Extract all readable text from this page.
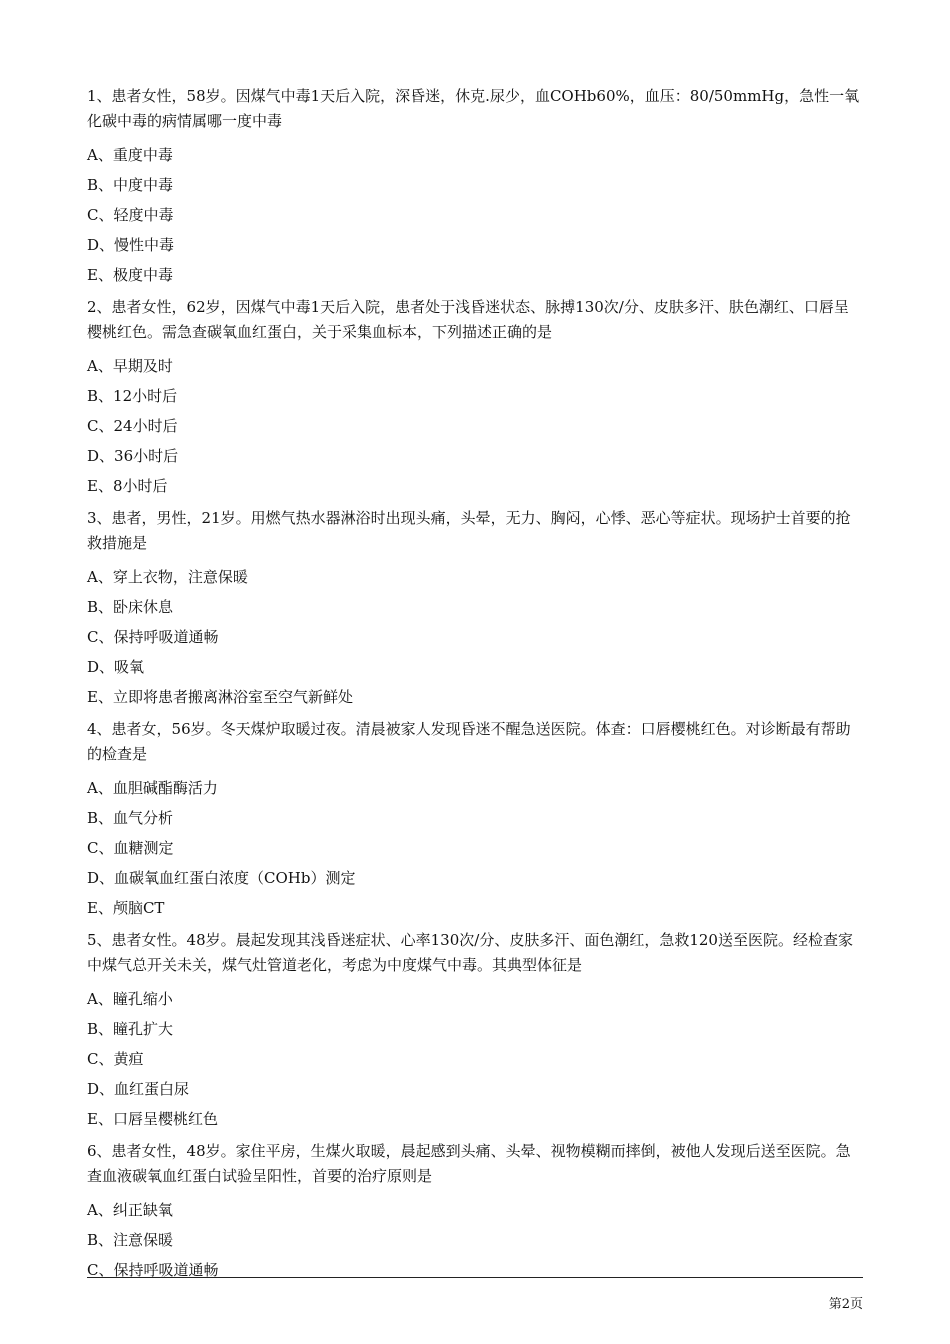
1、患者女性，58岁。因煤气中毒1天后入院，深昏迷，休克.尿少，血COHb60%，血压：80/50mmHg，急性一氧化碳中毒的病情属哪一度中毒

A、重度中毒

B、中度中毒

C、轻度中毒

D、慢性中毒

E、极度中毒

2、患者女性，62岁，因煤气中毒1天后入院，患者处于浅昏迷状态、脉搏130次/分、皮肤多汗、肤色潮红、口唇呈樱桃红色。需急查碳氧血红蛋白，关于采集血标本，下列描述正确的是

A、早期及时

B、12小时后

C、24小时后

D、36小时后

E、8小时后

3、患者，男性，21岁。用燃气热水器淋浴时出现头痛，头晕，无力、胸闷，心悸、恶心等症状。现场护士首要的抢救措施是

A、穿上衣物，注意保暖

B、卧床休息

C、保持呼吸道通畅

D、吸氧

E、立即将患者搬离淋浴室至空气新鲜处

4、患者女，56岁。冬天煤炉取暖过夜。清晨被家人发现昏迷不醒急送医院。体查：口唇樱桃红色。对诊断最有帮助的检查是

A、血胆碱酯酶活力

B、血气分析

C、血糖测定

D、血碳氧血红蛋白浓度（COHb）测定

E、颅脑CT

5、患者女性。48岁。晨起发现其浅昏迷症状、心率130次/分、皮肤多汗、面色潮红，急救120送至医院。经检查家中煤气总开关未关，煤气灶管道老化，考虑为中度煤气中毒。其典型体征是

A、瞳孔缩小

B、瞳孔扩大

C、黄疸

D、血红蛋白尿

E、口唇呈樱桃红色

6、患者女性，48岁。家住平房，生煤火取暖，晨起感到头痛、头晕、视物模糊而摔倒，被他人发现后送至医院。急查血液碳氧血红蛋白试验呈阳性，首要的治疗原则是

A、纠正缺氧

B、注意保暖

C、保持呼吸道通畅

第2页
